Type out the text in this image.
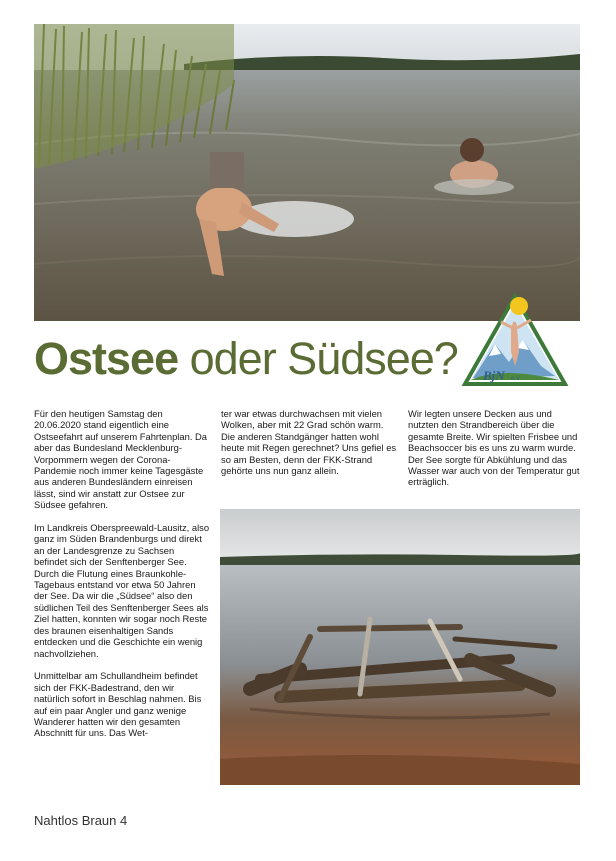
Ostsee oder Südsee? BjN e.V.

Für den heutigen Samstag den 20.06.2020 stand eigentlich eine Ostseefahrt auf unserem Fahrtenplan. Da aber das Bundesland Mecklenburg-Vorpommern wegen der Corona-Pandemie noch immer keine Tagesgäste aus anderen Bundesländern einreisen lässt, sind wir anstatt zur Ostsee zur Südsee gefahren.

Im Landkreis Oberspreewald-Lausitz, also ganz im Süden Brandenburgs und direkt an der Landesgrenze zu Sachsen befindet sich der Senftenberger See. Durch die Flutung eines Braunkohle-Tagebaus entstand vor etwa 50 Jahren der See. Da wir die „Südsee“ also den südlichen Teil des Senftenberger Sees als Ziel hatten, konnten wir sogar noch Reste des braunen eisenhaltigen Sands entdecken und die Geschichte ein wenig nachvollziehen.

Unmittelbar am Schullandheim befindet sich der FKK-Badestrand, den wir natürlich sofort in Beschlag nahmen. Bis auf ein paar Angler und ganz wenige Wanderer hatten wir den gesamten Abschnitt für uns. Das Wet-

ter war etwas durchwachsen mit vielen Wolken, aber mit 22 Grad schön warm. Die anderen Standgänger hatten wohl heute mit Regen gerechnet? Uns gefiel es so am Besten, denn der FKK-Strand gehörte uns nun ganz allein.

Wir legten unsere Decken aus und nutzten den Strandbereich über die gesamte Breite. Wir spielten Frisbee und Beachsoccer bis es uns zu warm wurde. Der See sorgte für Abkühlung und das Wasser war auch von der Temperatur gut erträglich.

Nahtlos Braun 4
